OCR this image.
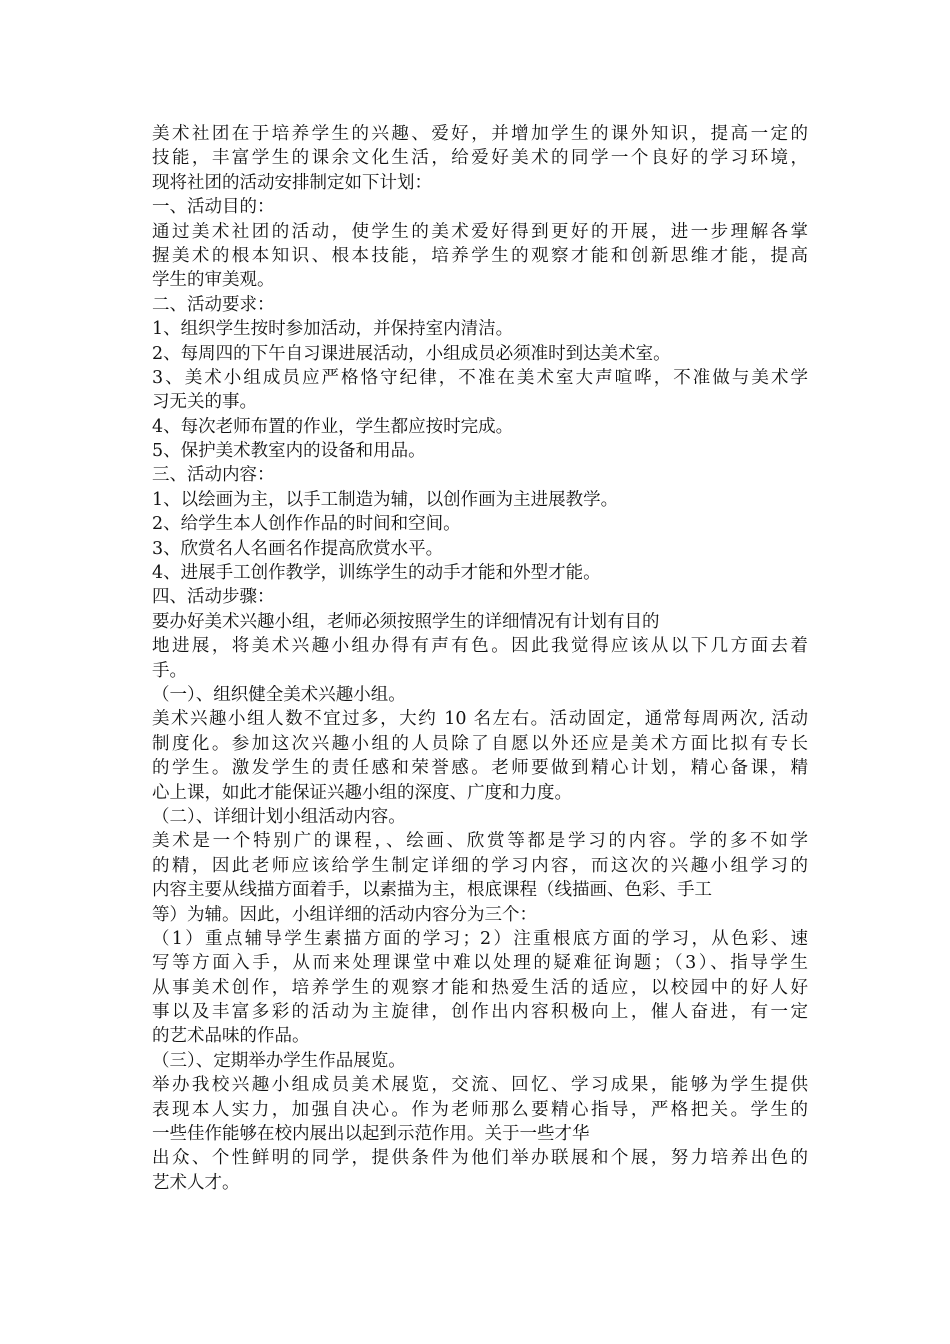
美术社团在于培养学生的兴趣、爱好，并增加学生的课外知识，提高一定的
技能，丰富学生的课余文化生活，给爱好美术的同学一个良好的学习环境，
现将社团的活动安排制定如下计划：
一、活动目的：
通过美术社团的活动，使学生的美术爱好得到更好的开展，进一步理解各掌
握美术的根本知识、根本技能，培养学生的观察才能和创新思维才能，提高
学生的审美观。
二、活动要求：
1、组织学生按时参加活动，并保持室内清洁。
2、每周四的下午自习课进展活动，小组成员必须准时到达美术室。
3、美术小组成员应严格恪守纪律，不准在美术室大声喧哗，不准做与美术学
习无关的事。
4、每次老师布置的作业，学生都应按时完成。
5、保护美术教室内的设备和用品。
三、活动内容：
1、以绘画为主，以手工制造为辅，以创作画为主进展教学。
2、给学生本人创作作品的时间和空间。
3、欣赏名人名画名作提高欣赏水平。
4、进展手工创作教学，训练学生的动手才能和外型才能。
四、活动步骤：
要办好美术兴趣小组，老师必须按照学生的详细情况有计划有目的
地进展，将美术兴趣小组办得有声有色。因此我觉得应该从以下几方面去着
手。
（一）、组织健全美术兴趣小组。
美术兴趣小组人数不宜过多，大约 10 名左右。活动固定，通常每周两次, 活动
制度化。参加这次兴趣小组的人员除了自愿以外还应是美术方面比拟有专长
的学生。激发学生的责任感和荣誉感。老师要做到精心计划，精心备课，精
心上课，如此才能保证兴趣小组的深度、广度和力度。
（二）、详细计划小组活动内容。
美术是一个特别广的课程，、绘画、欣赏等都是学习的内容。学的多不如学
的精，因此老师应该给学生制定详细的学习内容，而这次的兴趣小组学习的
内容主要从线描方面着手，以素描为主，根底课程（线描画、色彩、手工
等）为辅。因此，小组详细的活动内容分为三个：
（1）重点辅导学生素描方面的学习；2）注重根底方面的学习，从色彩、速
写等方面入手，从而来处理课堂中难以处理的疑难征询题；（3）、指导学生
从事美术创作，培养学生的观察才能和热爱生活的适应，以校园中的好人好
事以及丰富多彩的活动为主旋律，创作出内容积极向上，催人奋进，有一定
的艺术品味的作品。
（三）、定期举办学生作品展览。
举办我校兴趣小组成员美术展览，交流、回忆、学习成果，能够为学生提供
表现本人实力，加强自决心。作为老师那么要精心指导，严格把关。学生的
一些佳作能够在校内展出以起到示范作用。关于一些才华
出众、个性鲜明的同学，提供条件为他们举办联展和个展，努力培养出色的
艺术人才。
